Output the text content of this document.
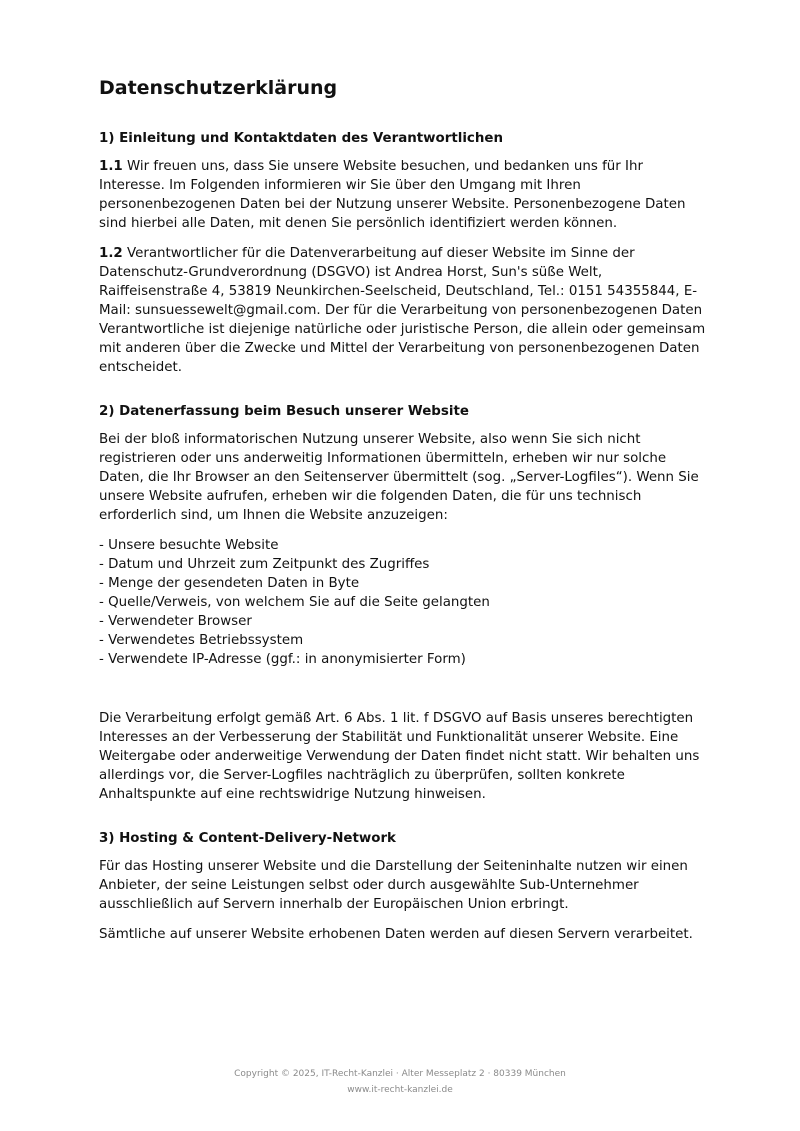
Datenschutzerklärung
1) Einleitung und Kontaktdaten des Verantwortlichen

1.1 Wir freuen uns, dass Sie unsere Website besuchen, und bedanken uns für Ihr Interesse. Im Folgenden informieren wir Sie über den Umgang mit Ihren personenbezogenen Daten bei der Nutzung unserer Website. Personenbezogene Daten sind hierbei alle Daten, mit denen Sie persönlich identifiziert werden können.

1.2 Verantwortlicher für die Datenverarbeitung auf dieser Website im Sinne der Datenschutz-Grundverordnung (DSGVO) ist Andrea Horst, Sun's süße Welt, Raiffeisenstraße 4, 53819 Neunkirchen-Seelscheid, Deutschland, Tel.: 0151 54355844, E-Mail: sunsuessewelt@gmail.com. Der für die Verarbeitung von personenbezogenen Daten Verantwortliche ist diejenige natürliche oder juristische Person, die allein oder gemeinsam mit anderen über die Zwecke und Mittel der Verarbeitung von personenbezogenen Daten entscheidet.

2) Datenerfassung beim Besuch unserer Website

Bei der bloß informatorischen Nutzung unserer Website, also wenn Sie sich nicht registrieren oder uns anderweitig Informationen übermitteln, erheben wir nur solche Daten, die Ihr Browser an den Seitenserver übermittelt (sog. „Server-Logfiles“). Wenn Sie unsere Website aufrufen, erheben wir die folgenden Daten, die für uns technisch erforderlich sind, um Ihnen die Website anzuzeigen:

- Unsere besuchte Website
- Datum und Uhrzeit zum Zeitpunkt des Zugriffes
- Menge der gesendeten Daten in Byte
- Quelle/Verweis, von welchem Sie auf die Seite gelangten
- Verwendeter Browser
- Verwendetes Betriebssystem
- Verwendete IP-Adresse (ggf.: in anonymisierter Form)

Die Verarbeitung erfolgt gemäß Art. 6 Abs. 1 lit. f DSGVO auf Basis unseres berechtigten Interesses an der Verbesserung der Stabilität und Funktionalität unserer Website. Eine Weitergabe oder anderweitige Verwendung der Daten findet nicht statt. Wir behalten uns allerdings vor, die Server-Logfiles nachträglich zu überprüfen, sollten konkrete Anhaltspunkte auf eine rechtswidrige Nutzung hinweisen.

3) Hosting & Content-Delivery-Network

Für das Hosting unserer Website und die Darstellung der Seiteninhalte nutzen wir einen Anbieter, der seine Leistungen selbst oder durch ausgewählte Sub-Unternehmer ausschließlich auf Servern innerhalb der Europäischen Union erbringt.

Sämtliche auf unserer Website erhobenen Daten werden auf diesen Servern verarbeitet.

Copyright © 2025, IT-Recht-Kanzlei · Alter Messeplatz 2 · 80339 München
www.it-recht-kanzlei.de
